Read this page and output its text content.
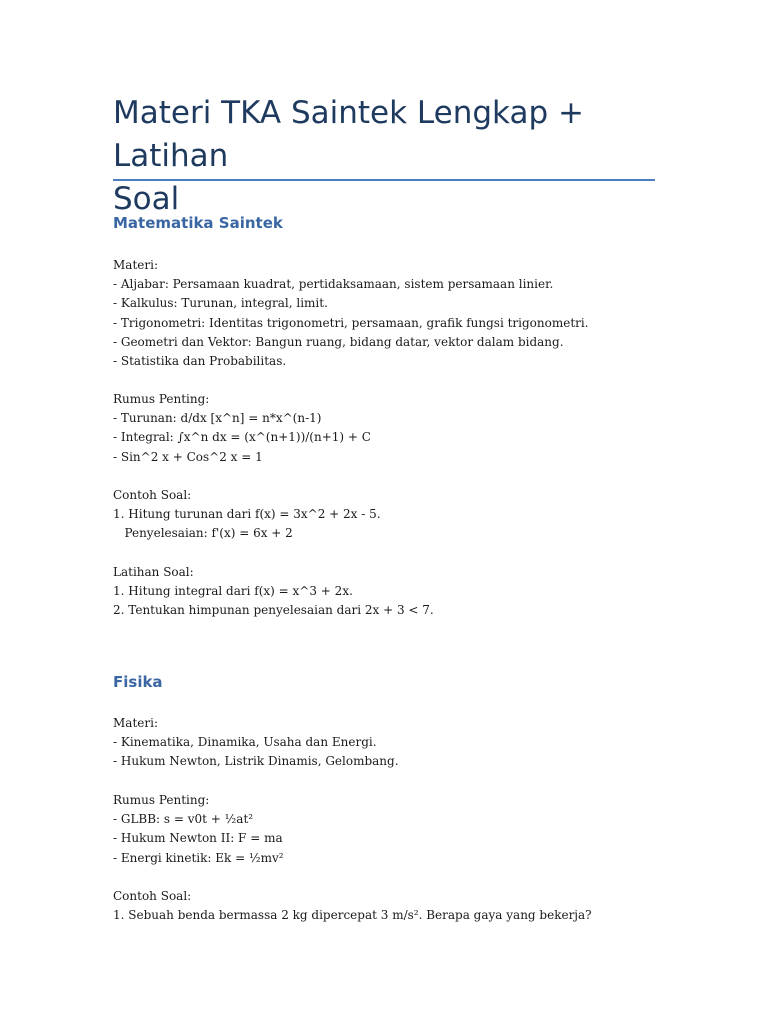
Materi TKA Saintek Lengkap + Latihan
Soal
Matematika Saintek
Materi:
- Aljabar: Persamaan kuadrat, pertidaksamaan, sistem persamaan linier.
- Kalkulus: Turunan, integral, limit.
- Trigonometri: Identitas trigonometri, persamaan, grafik fungsi trigonometri.
- Geometri dan Vektor: Bangun ruang, bidang datar, vektor dalam bidang.
- Statistika dan Probabilitas.
Rumus Penting:
- Turunan: d/dx [x^n] = n*x^(n-1)
- Integral: ∫x^n dx = (x^(n+1))/(n+1) + C
- Sin^2 x + Cos^2 x = 1
Contoh Soal:
1. Hitung turunan dari f(x) = 3x^2 + 2x - 5.
Penyelesaian: f'(x) = 6x + 2
Latihan Soal:
1. Hitung integral dari f(x) = x^3 + 2x.
2. Tentukan himpunan penyelesaian dari 2x + 3 < 7.
Fisika
Materi:
- Kinematika, Dinamika, Usaha dan Energi.
- Hukum Newton, Listrik Dinamis, Gelombang.
Rumus Penting:
- GLBB: s = v0t + ½at²
- Hukum Newton II: F = ma
- Energi kinetik: Ek = ½mv²
Contoh Soal:
1. Sebuah benda bermassa 2 kg dipercepat 3 m/s². Berapa gaya yang bekerja?
